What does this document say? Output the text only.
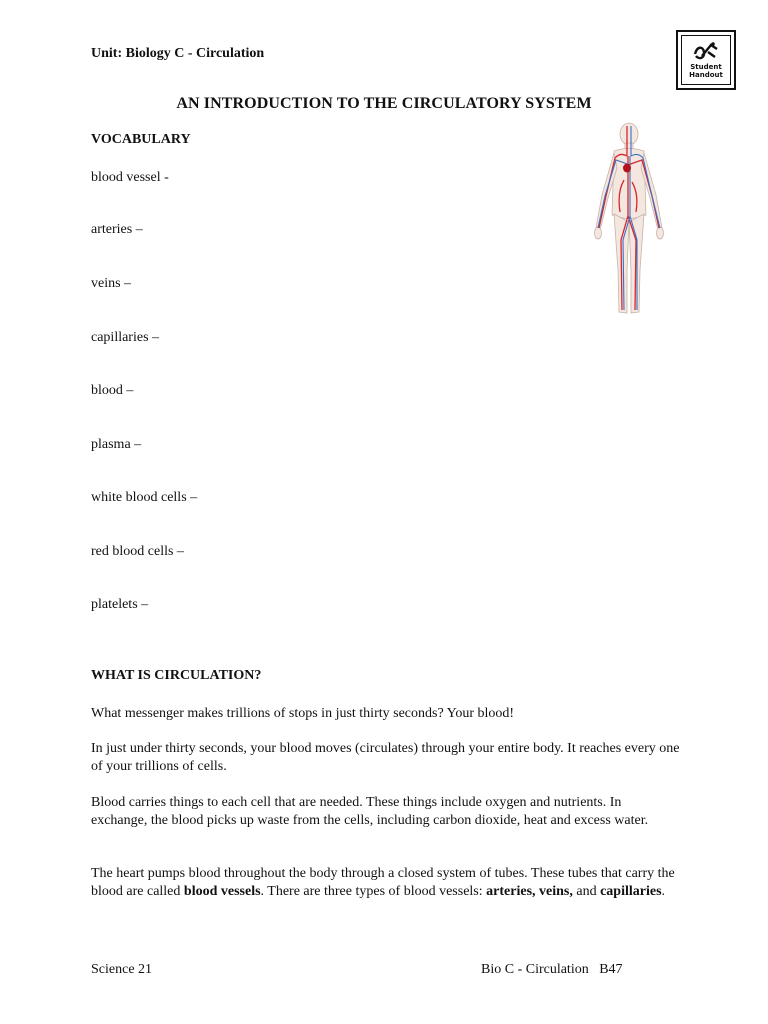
Unit: Biology C - Circulation
Student Handout
AN INTRODUCTION TO THE CIRCULATORY SYSTEM
VOCABULARY
blood vessel -
arteries –
veins –
capillaries –
blood –
plasma –
white blood cells –
red blood cells –
platelets –
WHAT IS CIRCULATION?
What messenger makes trillions of stops in just thirty seconds? Your blood!
In just under thirty seconds, your blood moves (circulates) through your entire body. It reaches every one of your trillions of cells.
Blood carries things to each cell that are needed. These things include oxygen and nutrients. In exchange, the blood picks up waste from the cells, including carbon dioxide, heat and excess water.
The heart pumps blood throughout the body through a closed system of tubes. These tubes that carry the blood are called blood vessels. There are three types of blood vessels: arteries, veins, and capillaries.
Science 21	Bio C - Circulation   B47
